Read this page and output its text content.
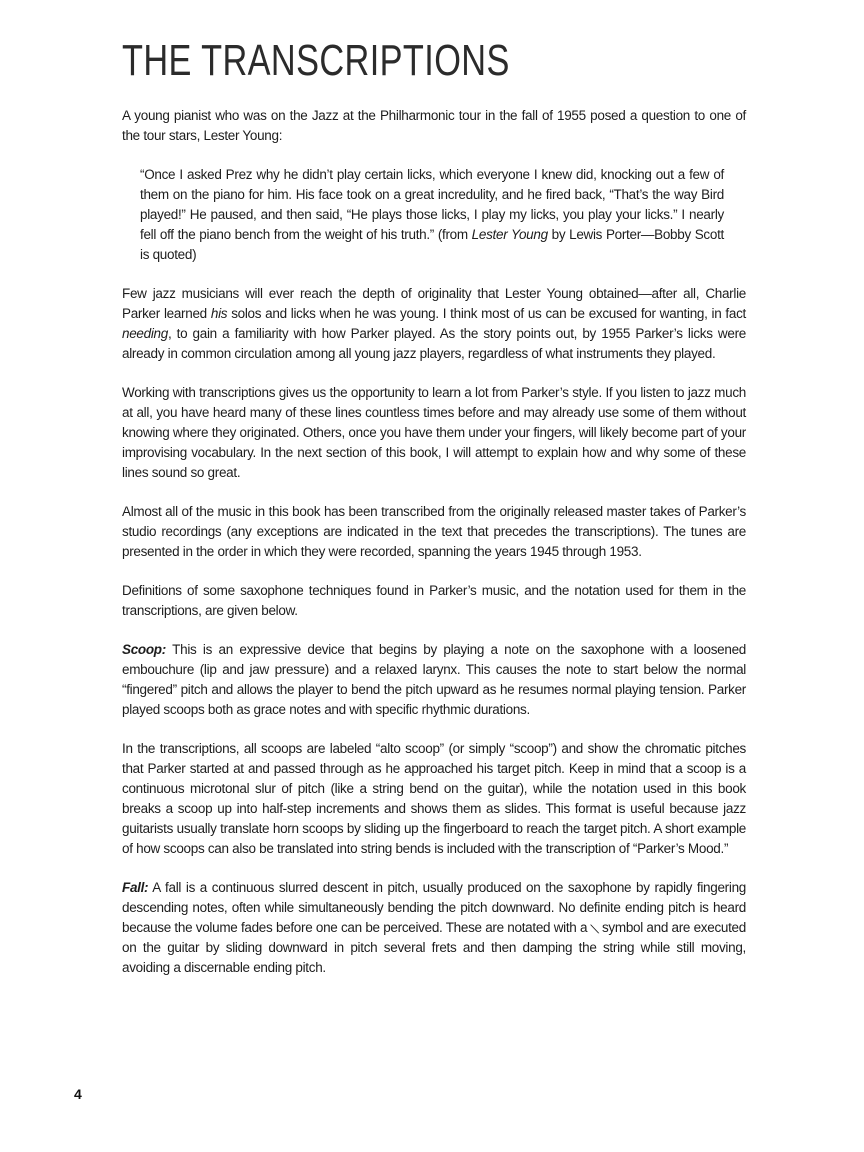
THE TRANSCRIPTIONS

A young pianist who was on the Jazz at the Philharmonic tour in the fall of 1955 posed a question to one of the tour stars, Lester Young:

“Once I asked Prez why he didn’t play certain licks, which everyone I knew did, knocking out a few of them on the piano for him. His face took on a great incredulity, and he fired back, “That’s the way Bird played!” He paused, and then said, “He plays those licks, I play my licks, you play your licks.” I nearly fell off the piano bench from the weight of his truth.” (from Lester Young by Lewis Porter—Bobby Scott is quoted)

Few jazz musicians will ever reach the depth of originality that Lester Young obtained—after all, Charlie Parker learned his solos and licks when he was young. I think most of us can be excused for wanting, in fact needing, to gain a familiarity with how Parker played. As the story points out, by 1955 Parker’s licks were already in common circulation among all young jazz players, regardless of what instruments they played.

Working with transcriptions gives us the opportunity to learn a lot from Parker’s style. If you listen to jazz much at all, you have heard many of these lines countless times before and may already use some of them without knowing where they originated. Others, once you have them under your fingers, will likely become part of your improvising vocabulary. In the next section of this book, I will attempt to explain how and why some of these lines sound so great.

Almost all of the music in this book has been transcribed from the originally released master takes of Parker’s studio recordings (any exceptions are indicated in the text that precedes the transcriptions). The tunes are presented in the order in which they were recorded, spanning the years 1945 through 1953.

Definitions of some saxophone techniques found in Parker’s music, and the notation used for them in the transcriptions, are given below.

Scoop: This is an expressive device that begins by playing a note on the saxophone with a loosened embouchure (lip and jaw pressure) and a relaxed larynx. This causes the note to start below the normal “fingered” pitch and allows the player to bend the pitch upward as he resumes normal playing tension. Parker played scoops both as grace notes and with specific rhythmic durations.

In the transcriptions, all scoops are labeled “alto scoop” (or simply “scoop”) and show the chromatic pitches that Parker started at and passed through as he approached his target pitch. Keep in mind that a scoop is a continuous microtonal slur of pitch (like a string bend on the guitar), while the notation used in this book breaks a scoop up into half-step increments and shows them as slides. This format is useful because jazz guitarists usually translate horn scoops by sliding up the fingerboard to reach the target pitch. A short example of how scoops can also be translated into string bends is included with the transcription of “Parker’s Mood.”

Fall: A fall is a continuous slurred descent in pitch, usually produced on the saxophone by rapidly fingering descending notes, often while simultaneously bending the pitch downward. No definite ending pitch is heard because the volume fades before one can be perceived. These are notated with a ╲ symbol and are executed on the guitar by sliding downward in pitch several frets and then damping the string while still moving, avoiding a discernable ending pitch.

4
